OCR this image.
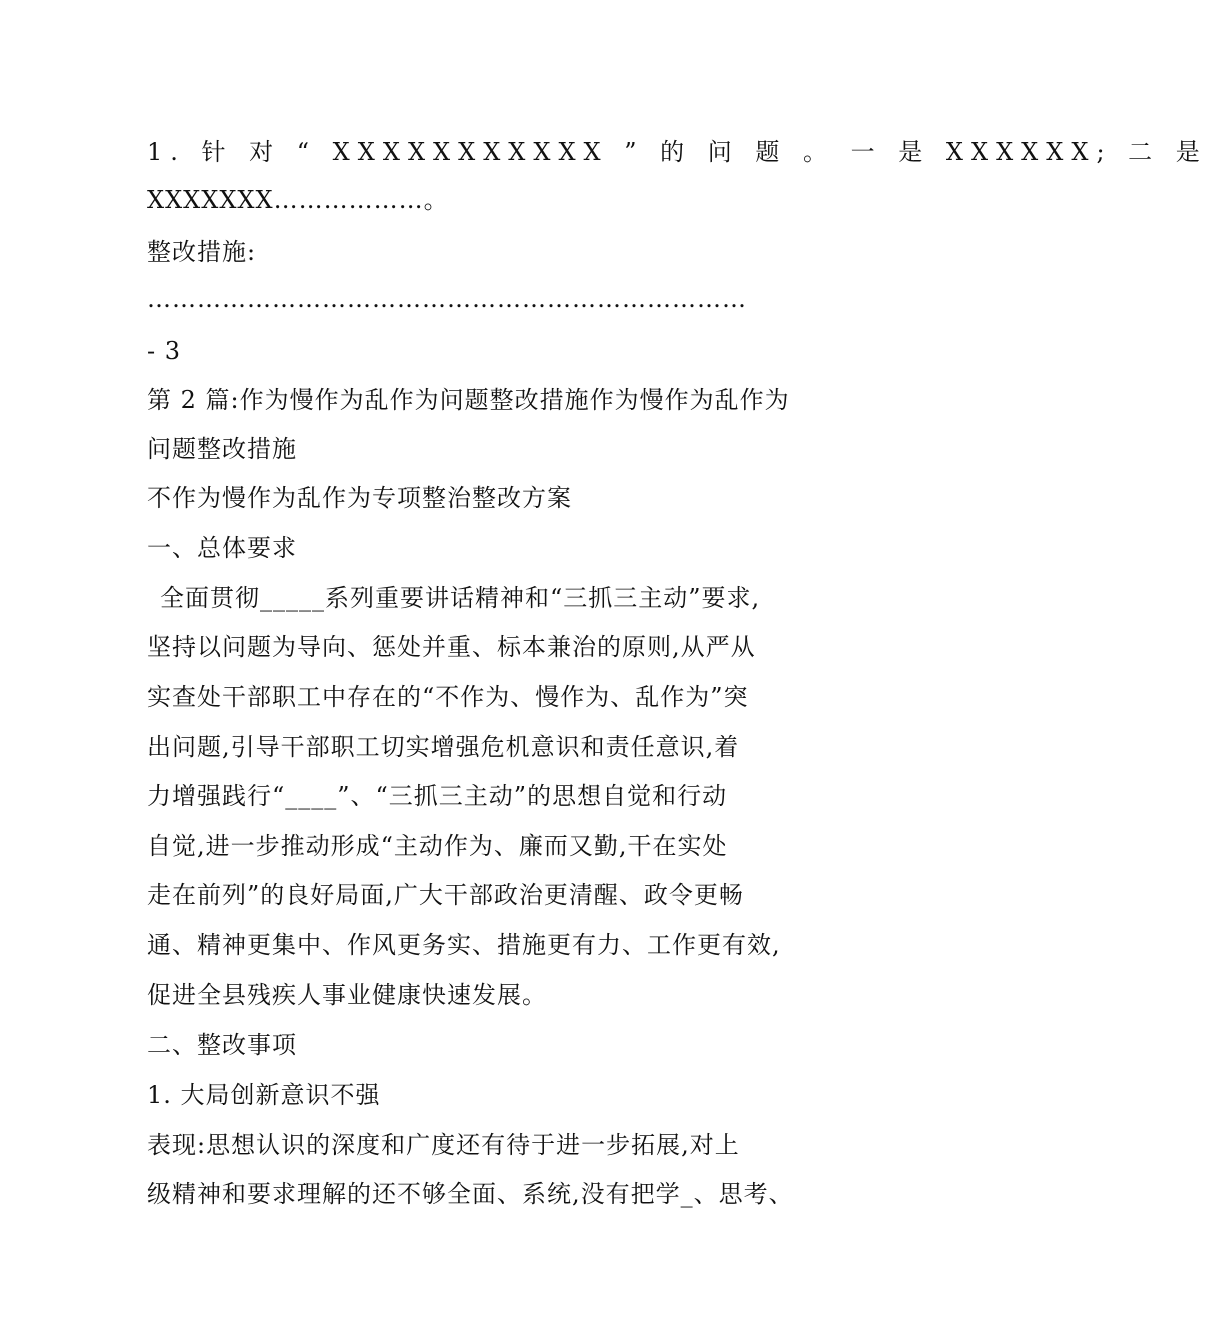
1. 针 对 “ XXXXXXXXXXX ” 的 问 题 。 一 是 XXXXXX; 二 是
XXXXXXX………………。
整改措施:
………………………………………………………………
- 3
第 2 篇:作为慢作为乱作为问题整改措施作为慢作为乱作为
问题整改措施
不作为慢作为乱作为专项整治整改方案
一、总体要求
全面贯彻_____系列重要讲话精神和“三抓三主动”要求,
坚持以问题为导向、惩处并重、标本兼治的原则,从严从
实查处干部职工中存在的“不作为、慢作为、乱作为”突
出问题,引导干部职工切实增强危机意识和责任意识,着
力增强践行“____”、“三抓三主动”的思想自觉和行动
自觉,进一步推动形成“主动作为、廉而又勤,干在实处
走在前列”的良好局面,广大干部政治更清醒、政令更畅
通、精神更集中、作风更务实、措施更有力、工作更有效,
促进全县残疾人事业健康快速发展。
二、整改事项
1. 大局创新意识不强
表现:思想认识的深度和广度还有待于进一步拓展,对上
级精神和要求理解的还不够全面、系统,没有把学_、思考、
